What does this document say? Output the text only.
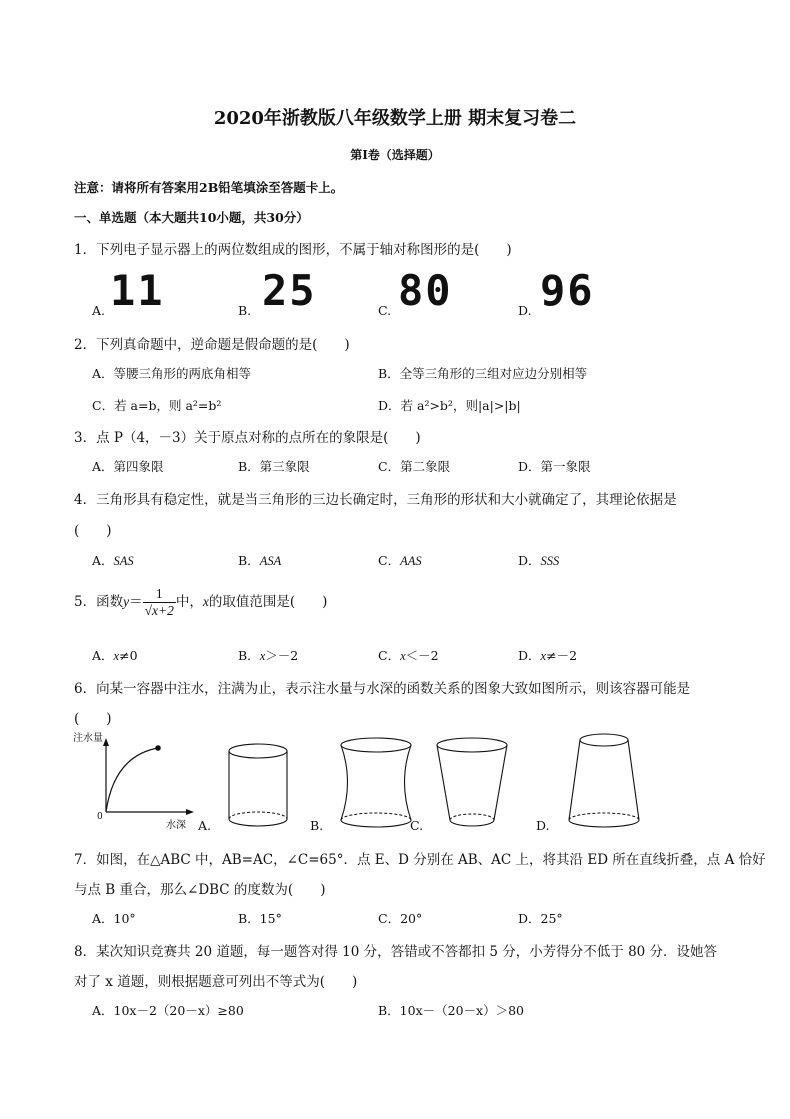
2020年浙教版八年级数学上册 期末复习卷二
第Ⅰ卷（选择题）
注意：请将所有答案用2B铅笔填涂至答题卡上。
一、单选题（本大题共10小题，共30分）
1．下列电子显示器上的两位数组成的图形，不属于轴对称图形的是(　　)
A. 11	B. 25	C. 80	D. 96
2．下列真命题中，逆命题是假命题的是(　　)
A．等腰三角形的两底角相等	B．全等三角形的三组对应边分别相等
C．若 a=b，则 a²=b²	D．若 a²>b²，则|a|>|b|
3．点 P（4，－3）关于原点对称的点所在的象限是(　　)
A．第四象限	B．第三象限	C．第二象限	D．第一象限
4．三角形具有稳定性，就是当三角形的三边长确定时，三角形的形状和大小就确定了，其理论依据是
(　　)
A．SAS	B．ASA	C．AAS	D．SSS
5．函数$y= \frac{1}{√x+2}$ 中，x的取值范围是(　　)
A．x≠0	B．x＞－2	C．x＜－2	D．x≠－2
6．向某一容器中注水，注满为止，表示注水量与水深的函数关系的图象大致如图所示，则该容器可能是
(　　)
注水量
水深
0
A.	B.	C.	D.
7．如图，在△ABC 中，AB=AC，∠C=65°．点 E、D 分别在 AB、AC 上，将其沿 ED 所在直线折叠，点 A 恰好
与点 B 重合，那么∠DBC 的度数为(　　)
A．10°	B．15°	C．20°	D．25°
8．某次知识竞赛共 20 道题，每一题答对得 10 分，答错或不答都扣 5 分，小芳得分不低于 80 分．设她答
对了 x 道题，则根据题意可列出不等式为(　　)
A．10x－2（20－x）≥80	B．10x－（20－x）＞80
